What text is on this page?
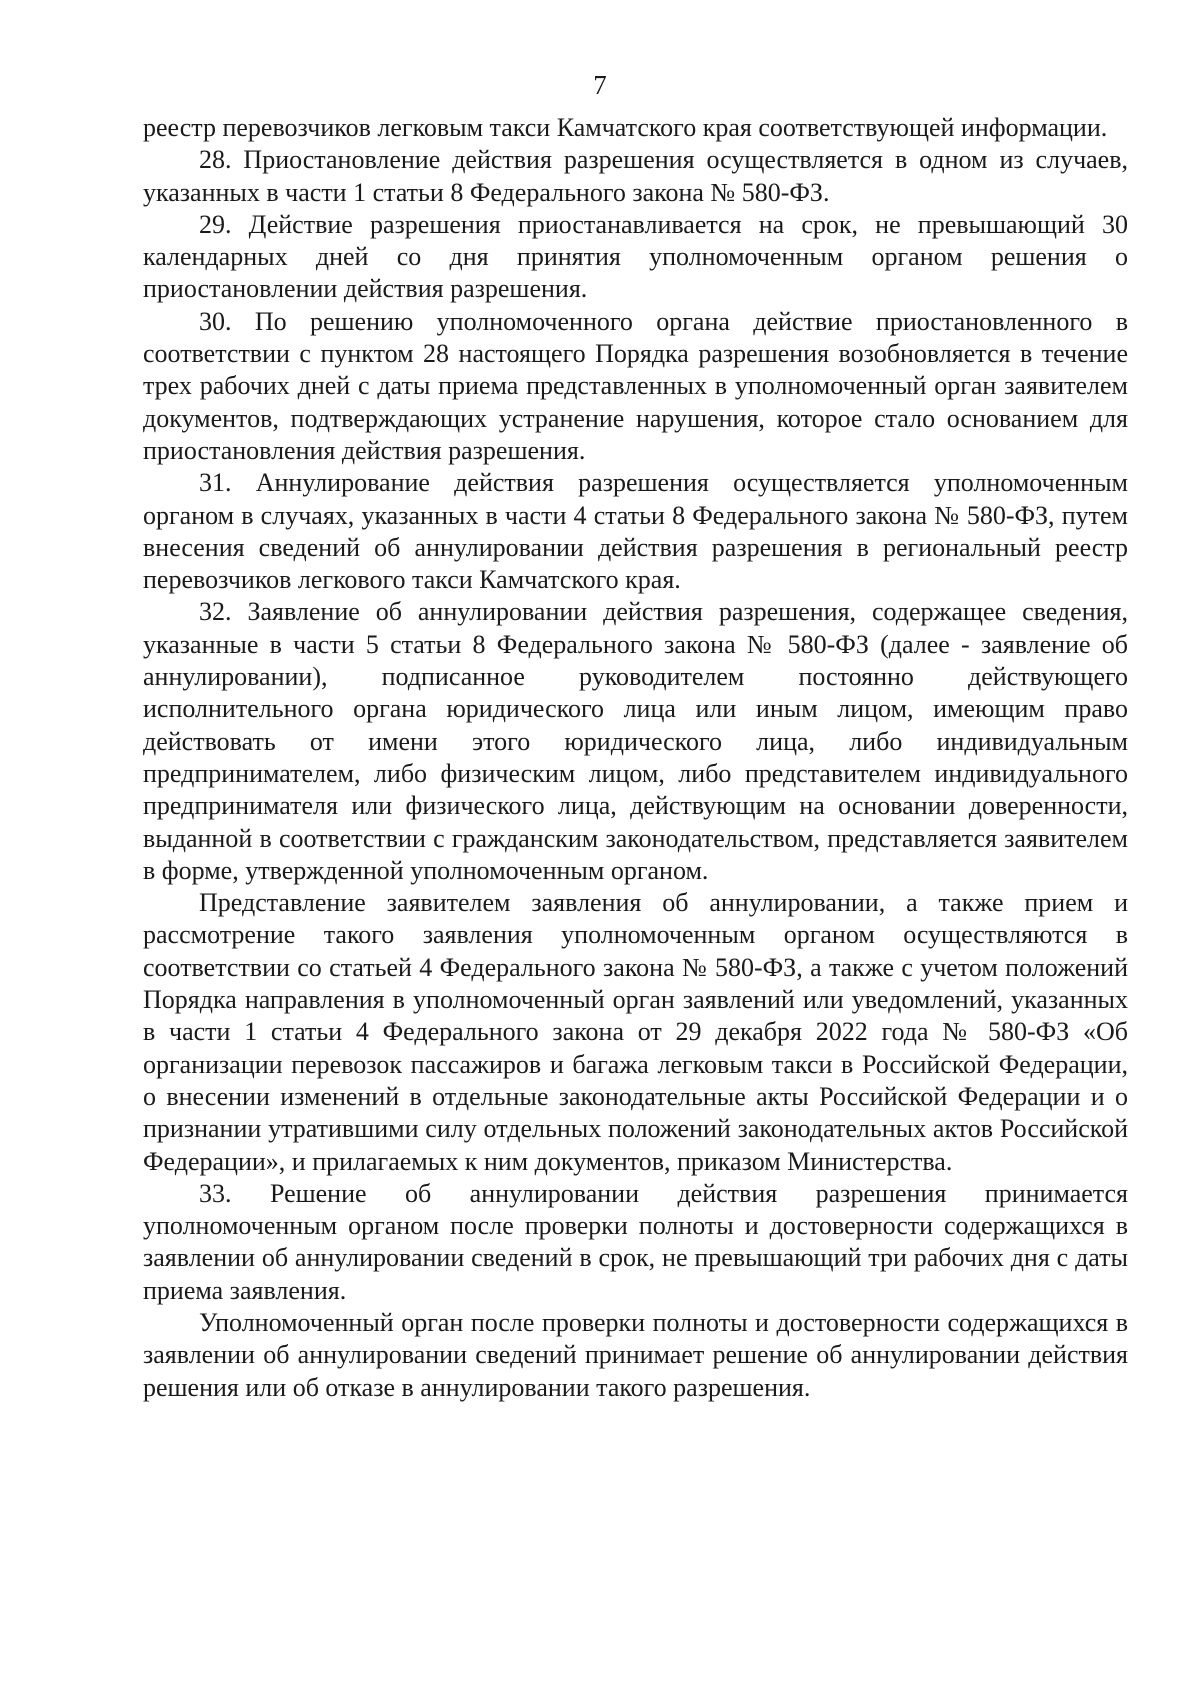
7

реестр перевозчиков легковым такси Камчатского края соответствующей информации.

28. Приостановление действия разрешения осуществляется в одном из случаев, указанных в части 1 статьи 8 Федерального закона № 580-ФЗ.

29. Действие разрешения приостанавливается на срок, не превышающий 30 календарных дней со дня принятия уполномоченным органом решения о приостановлении действия разрешения.

30. По решению уполномоченного органа действие приостановленного в соответствии с пунктом 28 настоящего Порядка разрешения возобновляется в течение трех рабочих дней с даты приема представленных в уполномоченный орган заявителем документов, подтверждающих устранение нарушения, которое стало основанием для приостановления действия разрешения.

31. Аннулирование действия разрешения осуществляется уполномоченным органом в случаях, указанных в части 4 статьи 8 Федерального закона № 580-ФЗ, путем внесения сведений об аннулировании действия разрешения в региональный реестр перевозчиков легкового такси Камчатского края.

32. Заявление об аннулировании действия разрешения, содержащее сведения, указанные в части 5 статьи 8 Федерального закона № 580-ФЗ (далее - заявление об аннулировании), подписанное руководителем постоянно действующего исполнительного органа юридического лица или иным лицом, имеющим право действовать от имени этого юридического лица, либо индивидуальным предпринимателем, либо физическим лицом, либо представителем индивидуального предпринимателя или физического лица, действующим на основании доверенности, выданной в соответствии с гражданским законодательством, представляется заявителем в форме, утвержденной уполномоченным органом.

Представление заявителем заявления об аннулировании, а также прием и рассмотрение такого заявления уполномоченным органом осуществляются в соответствии со статьей 4 Федерального закона № 580-ФЗ, а также с учетом положений Порядка направления в уполномоченный орган заявлений или уведомлений, указанных в части 1 статьи 4 Федерального закона от 29 декабря 2022 года № 580-ФЗ «Об организации перевозок пассажиров и багажа легковым такси в Российской Федерации, о внесении изменений в отдельные законодательные акты Российской Федерации и о признании утратившими силу отдельных положений законодательных актов Российской Федерации», и прилагаемых к ним документов, приказом Министерства.

33. Решение об аннулировании действия разрешения принимается уполномоченным органом после проверки полноты и достоверности содержащихся в заявлении об аннулировании сведений в срок, не превышающий три рабочих дня с даты приема заявления.

Уполномоченный орган после проверки полноты и достоверности содержащихся в заявлении об аннулировании сведений принимает решение об аннулировании действия решения или об отказе в аннулировании такого разрешения.
